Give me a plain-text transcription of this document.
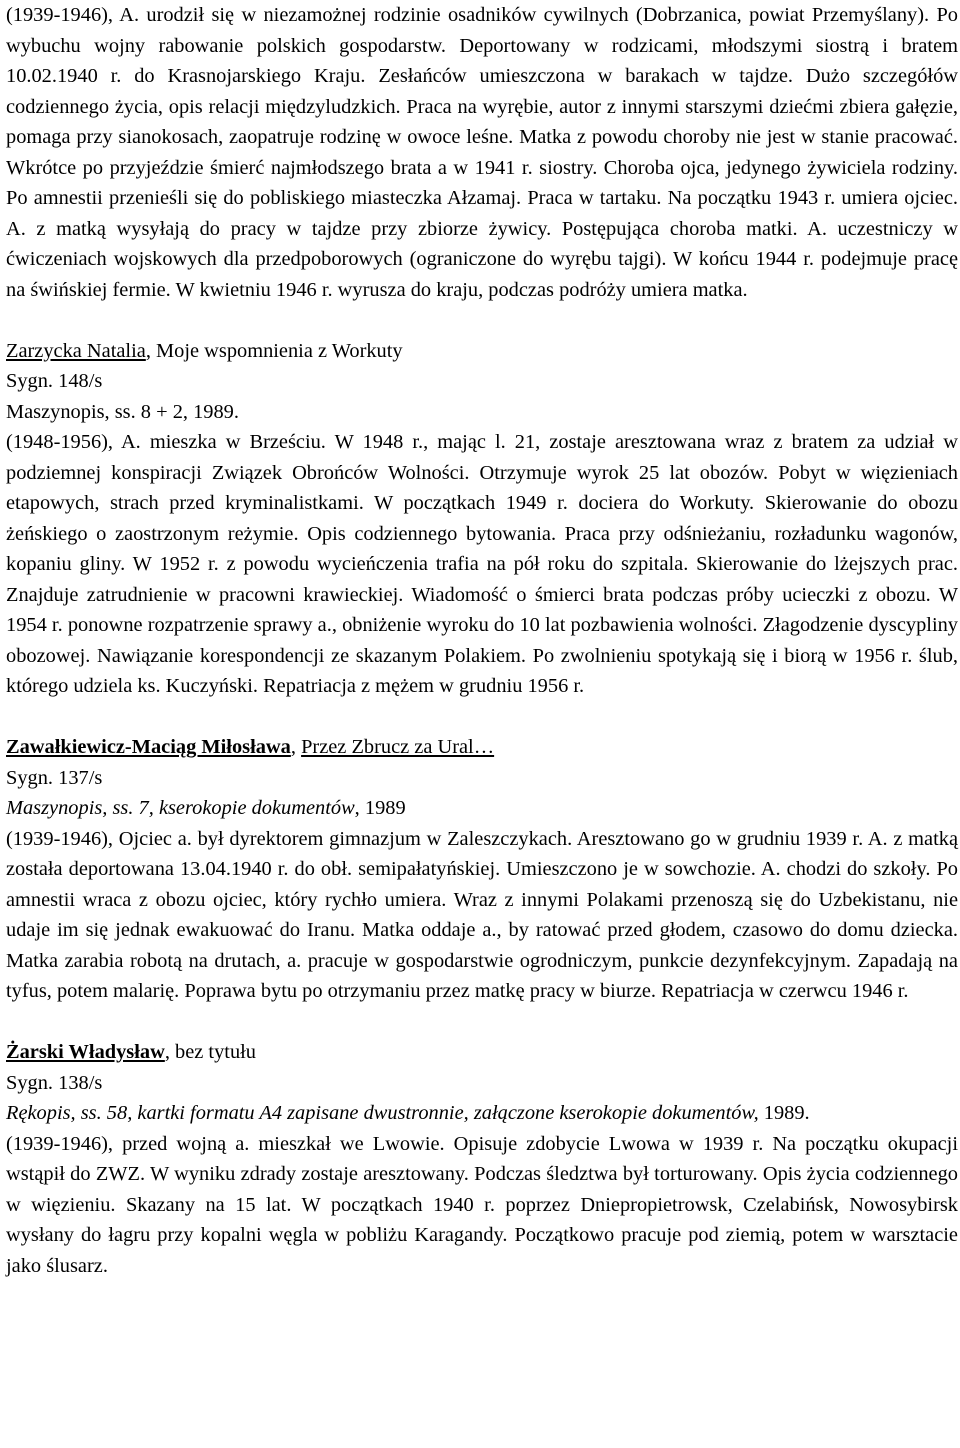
(1939-1946), A. urodził się w niezamożnej rodzinie osadników cywilnych (Dobrzanica, powiat Przemyślany). Po wybuchu wojny rabowanie polskich gospodarstw. Deportowany w rodzicami, młodszymi siostrą i bratem 10.02.1940 r. do Krasnojarskiego Kraju. Zesłańców umieszczona w barakach w tajdze. Dużo szczegółów codziennego życia, opis relacji międzyludzkich. Praca na wyrębie, autor z innymi starszymi dziećmi zbiera gałęzie, pomaga przy sianokosach, zaopatruje rodzinę w owoce leśne. Matka z powodu choroby nie jest w stanie pracować. Wkrótce po przyjeździe śmierć najmłodszego brata a w 1941 r. siostry. Choroba ojca, jedynego żywiciela rodziny. Po amnestii przenieśli się do pobliskiego miasteczka Ałzamaj. Praca w tartaku. Na początku 1943 r. umiera ojciec. A. z matką wysyłają do pracy w tajdze przy zbiorze żywicy. Postępująca choroba matki. A. uczestniczy w ćwiczeniach wojskowych dla przedpoborowych (ograniczone do wyrębu tajgi). W końcu 1944 r. podejmuje pracę na świńskiej fermie. W kwietniu 1946 r. wyrusza do kraju, podczas podróży umiera matka.

Zarzycka Natalia, Moje wspomnienia z Workuty

Sygn. 148/s

Maszynopis, ss. 8 + 2, 1989.

(1948-1956), A. mieszka w Brześciu. W 1948 r., mając l. 21, zostaje aresztowana wraz z bratem za udział w podziemnej konspiracji Związek Obrońców Wolności. Otrzymuje wyrok 25 lat obozów. Pobyt w więzieniach etapowych, strach przed kryminalistkami. W początkach 1949 r. dociera do Workuty. Skierowanie do obozu żeńskiego o zaostrzonym reżymie. Opis codziennego bytowania. Praca przy odśnieżaniu, rozładunku wagonów, kopaniu gliny. W 1952 r. z powodu wycieńczenia trafia na pół roku do szpitala. Skierowanie do lżejszych prac. Znajduje zatrudnienie w pracowni krawieckiej. Wiadomość o śmierci brata podczas próby ucieczki z obozu. W 1954 r. ponowne rozpatrzenie sprawy a., obniżenie wyroku do 10 lat pozbawienia wolności. Złagodzenie dyscypliny obozowej. Nawiązanie korespondencji ze skazanym Polakiem. Po zwolnieniu spotykają się i biorą w 1956 r. ślub, którego udziela ks. Kuczyński. Repatriacja z mężem w grudniu 1956 r.

Zawałkiewicz-Maciąg Miłosława, Przez Zbrucz za Ural…

Sygn. 137/s

Maszynopis, ss. 7, kserokopie dokumentów, 1989

(1939-1946), Ojciec a. był dyrektorem gimnazjum w Zaleszczykach. Aresztowano go w grudniu 1939 r. A. z matką została deportowana 13.04.1940 r. do obł. semipałatyńskiej. Umieszczono je w sowchozie. A. chodzi do szkoły. Po amnestii wraca z obozu ojciec, który rychło umiera. Wraz z innymi Polakami przenoszą się do Uzbekistanu, nie udaje im się jednak ewakuować do Iranu. Matka oddaje a., by ratować przed głodem, czasowo do domu dziecka. Matka zarabia robotą na drutach, a. pracuje w gospodarstwie ogrodniczym, punkcie dezynfekcyjnym. Zapadają na tyfus, potem malarię. Poprawa bytu po otrzymaniu przez matkę pracy w biurze. Repatriacja w czerwcu 1946 r.

Żarski Władysław, bez tytułu

Sygn. 138/s

Rękopis, ss. 58, kartki formatu A4 zapisane dwustronnie, załączone kserokopie dokumentów, 1989.

(1939-1946), przed wojną a. mieszkał we Lwowie. Opisuje zdobycie Lwowa w 1939 r. Na początku okupacji wstąpił do ZWZ. W wyniku zdrady zostaje aresztowany. Podczas śledztwa był torturowany. Opis życia codziennego w więzieniu. Skazany na 15 lat. W początkach 1940 r. poprzez Dniepropietrowsk, Czelabińsk, Nowosybirsk wysłany do łagru przy kopalni węgla w pobliżu Karagandy. Początkowo pracuje pod ziemią, potem w warsztacie jako ślusarz.
